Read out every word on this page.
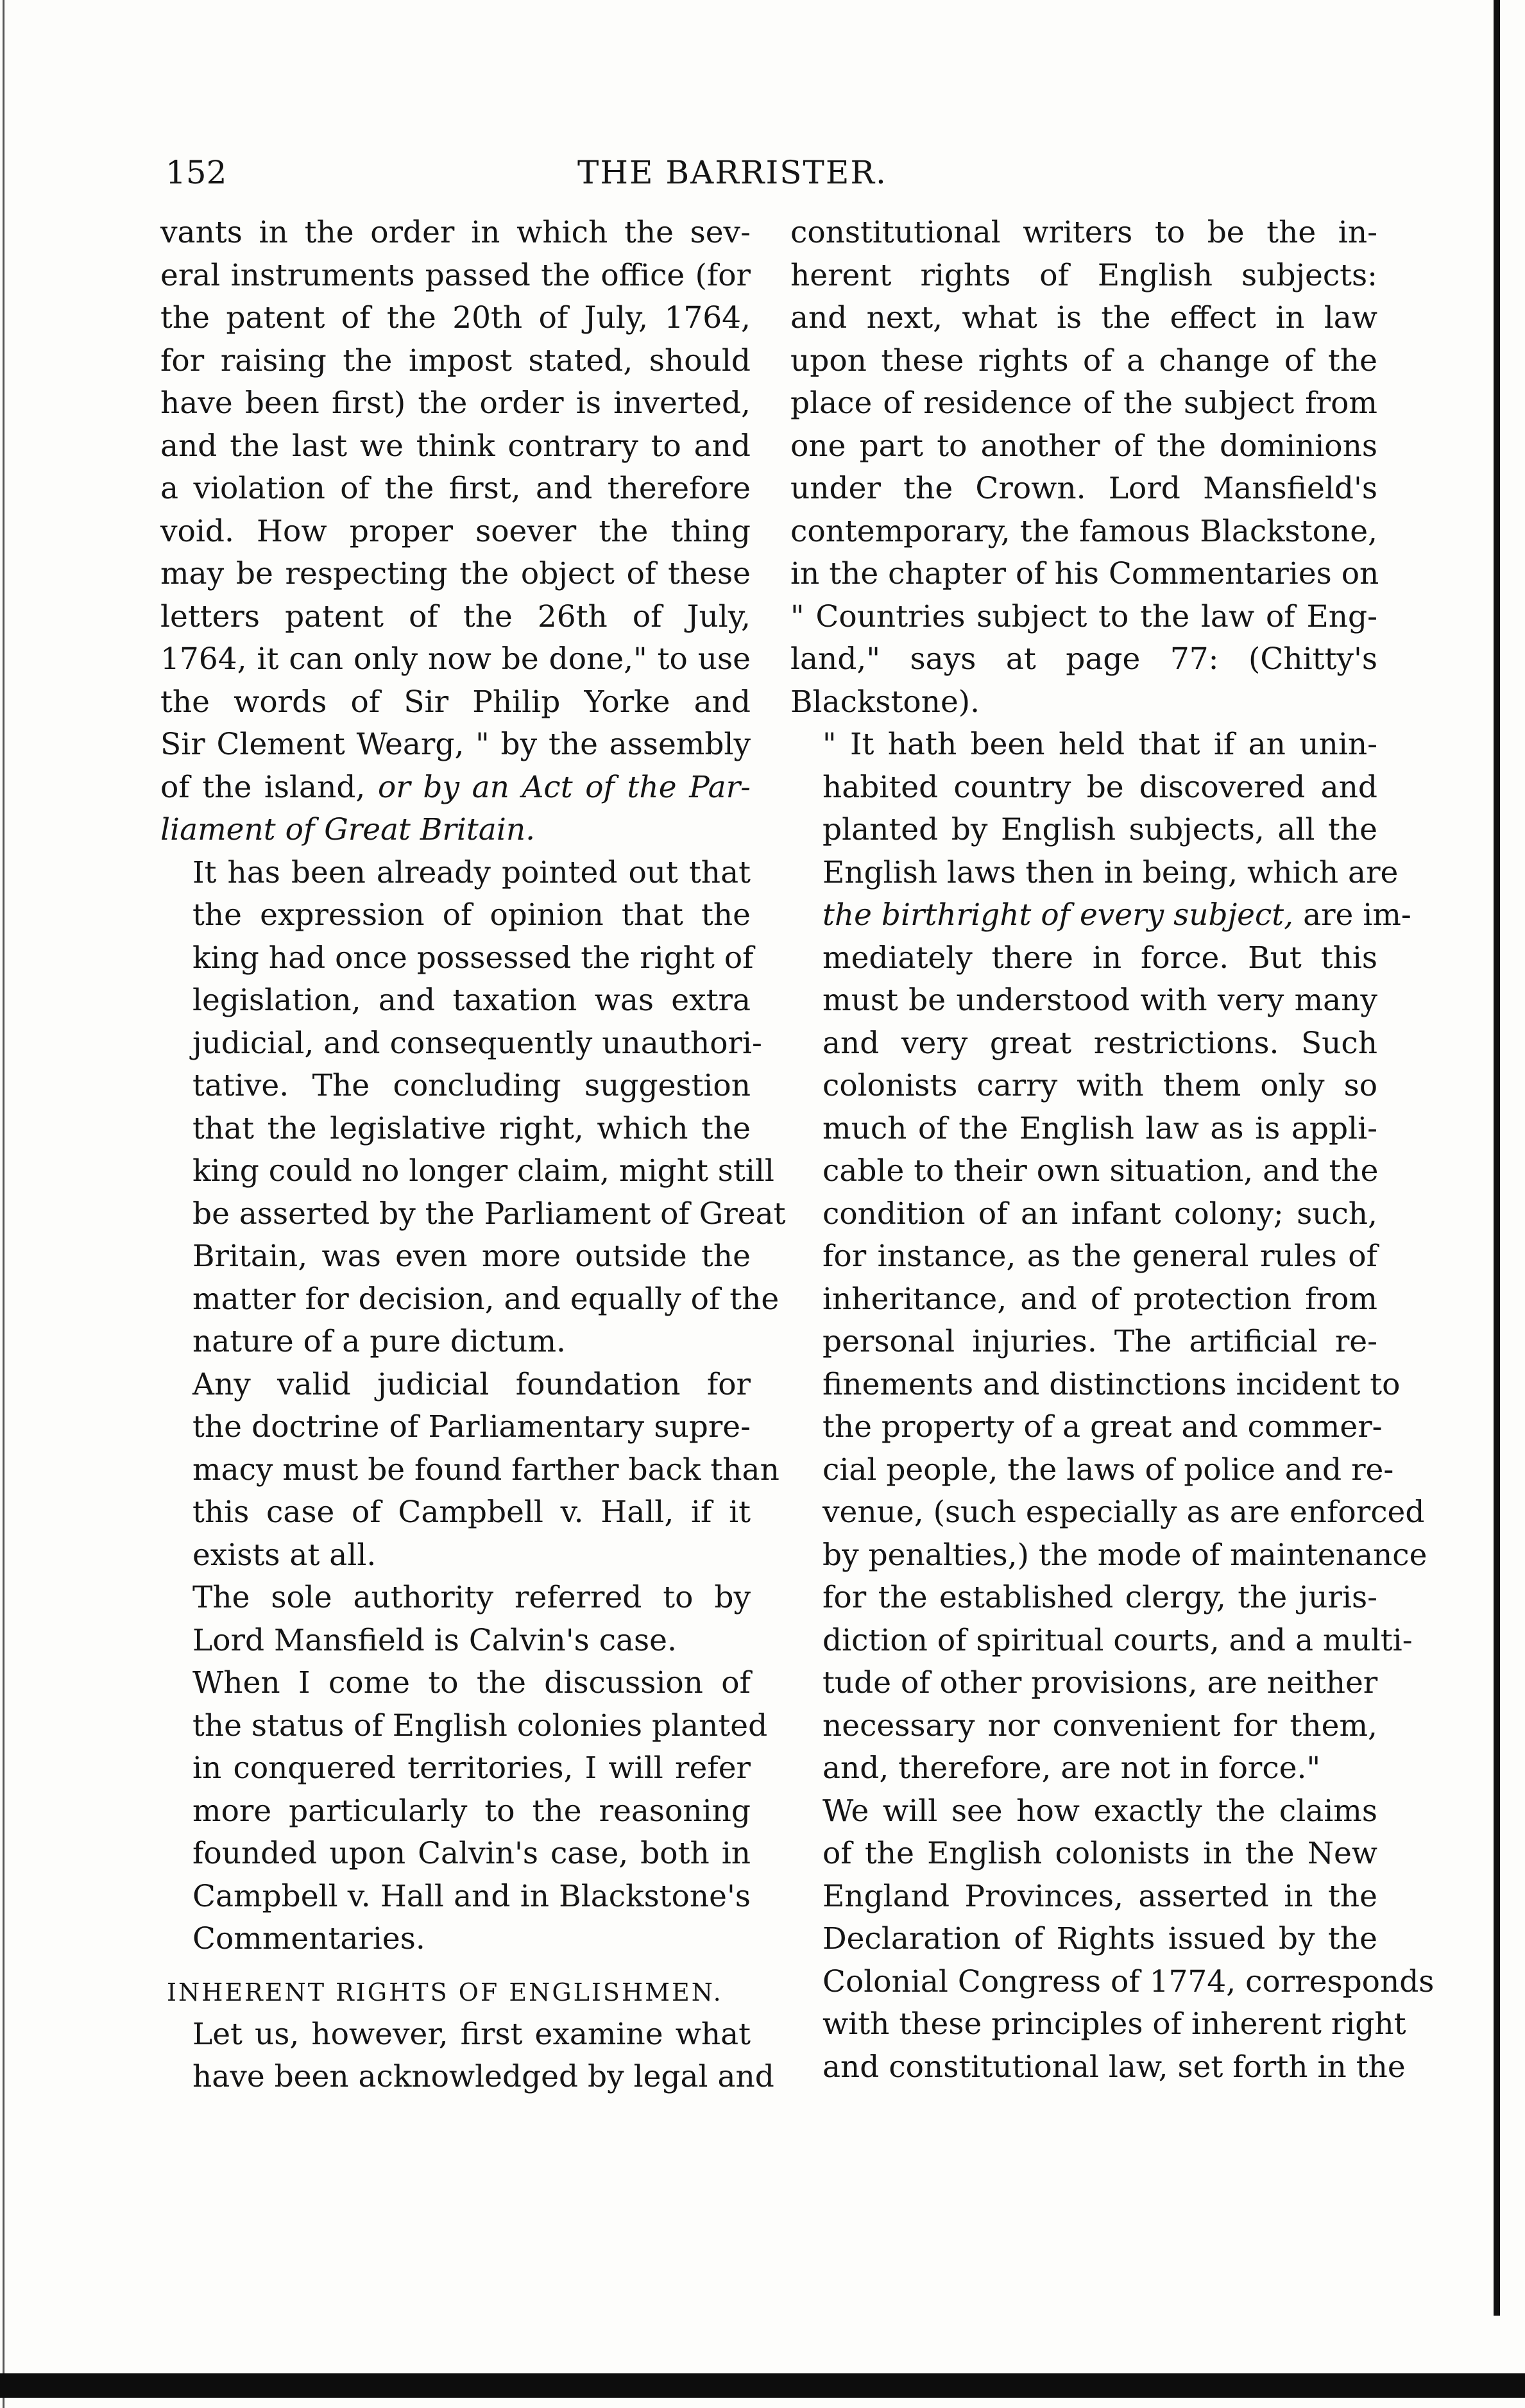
152	THE BARRISTER.

vants in the order in which the sev-
eral instruments passed the office (for
the patent of the 20th of July, 1764,
for raising the impost stated, should
have been first) the order is inverted,
and the last we think contrary to and
a violation of the first, and therefore
void. How proper soever the thing
may be respecting the object of these
letters patent of the 26th of July,
1764, it can only now be done," to use
the words of Sir Philip Yorke and
Sir Clement Wearg, " by the assembly
of the island, or by an Act of the Par-
liament of Great Britain.

It has been already pointed out that
the expression of opinion that the
king had once possessed the right of
legislation, and taxation was extra
judicial, and consequently unauthori-
tative. The concluding suggestion
that the legislative right, which the
king could no longer claim, might still
be asserted by the Parliament of Great
Britain, was even more outside the
matter for decision, and equally of the
nature of a pure dictum.

Any valid judicial foundation for
the doctrine of Parliamentary supre-
macy must be found farther back than
this case of Campbell v. Hall, if it
exists at all.

The sole authority referred to by
Lord Mansfield is Calvin's case.

When I come to the discussion of
the status of English colonies planted
in conquered territories, I will refer
more particularly to the reasoning
founded upon Calvin's case, both in
Campbell v. Hall and in Blackstone's
Commentaries.

INHERENT RIGHTS OF ENGLISHMEN.

Let us, however, first examine what
have been acknowledged by legal and

constitutional writers to be the in-
herent rights of English subjects:
and next, what is the effect in law
upon these rights of a change of the
place of residence of the subject from
one part to another of the dominions
under the Crown. Lord Mansfield's
contemporary, the famous Blackstone,
in the chapter of his Commentaries on
" Countries subject to the law of Eng-
land," says at page 77: (Chitty's
Blackstone).

" It hath been held that if an unin-
habited country be discovered and
planted by English subjects, all the
English laws then in being, which are
the birthright of every subject, are im-
mediately there in force. But this
must be understood with very many
and very great restrictions. Such
colonists carry with them only so
much of the English law as is appli-
cable to their own situation, and the
condition of an infant colony; such,
for instance, as the general rules of
inheritance, and of protection from
personal injuries. The artificial re-
finements and distinctions incident to
the property of a great and commer-
cial people, the laws of police and re-
venue, (such especially as are enforced
by penalties,) the mode of maintenance
for the established clergy, the juris-
diction of spiritual courts, and a multi-
tude of other provisions, are neither
necessary nor convenient for them,
and, therefore, are not in force."

We will see how exactly the claims
of the English colonists in the New
England Provinces, asserted in the
Declaration of Rights issued by the
Colonial Congress of 1774, corresponds
with these principles of inherent right
and constitutional law, set forth in the
